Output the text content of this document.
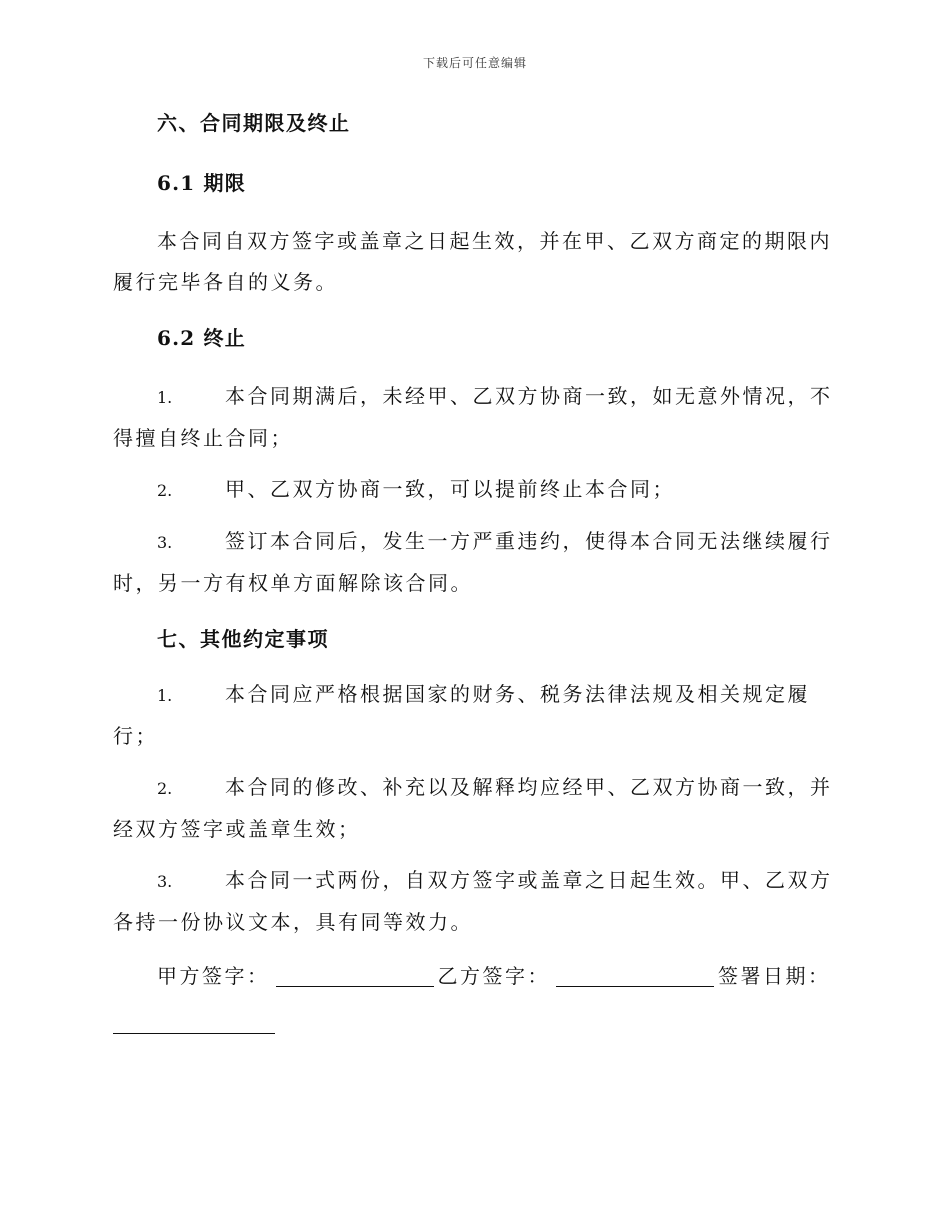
下载后可任意编辑
六、合同期限及终止
6.1 期限

本合同自双方签字或盖章之日起生效，并在甲、乙双方商定的期限内履行完毕各自的义务。

6.2 终止

1.	本合同期满后，未经甲、乙双方协商一致，如无意外情况，不得擅自终止合同；

2.	甲、乙双方协商一致，可以提前终止本合同；

3.	签订本合同后，发生一方严重违约，使得本合同无法继续履行时，另一方有权单方面解除该合同。

七、其他约定事项

1.	本合同应严格根据国家的财务、税务法律法规及相关规定履行；

2.	本合同的修改、补充以及解释均应经甲、乙双方协商一致，并经双方签字或盖章生效；

3.	本合同一式两份，自双方签字或盖章之日起生效。甲、乙双方各持一份协议文本，具有同等效力。

甲方签字：	乙方签字：	签署日期：
